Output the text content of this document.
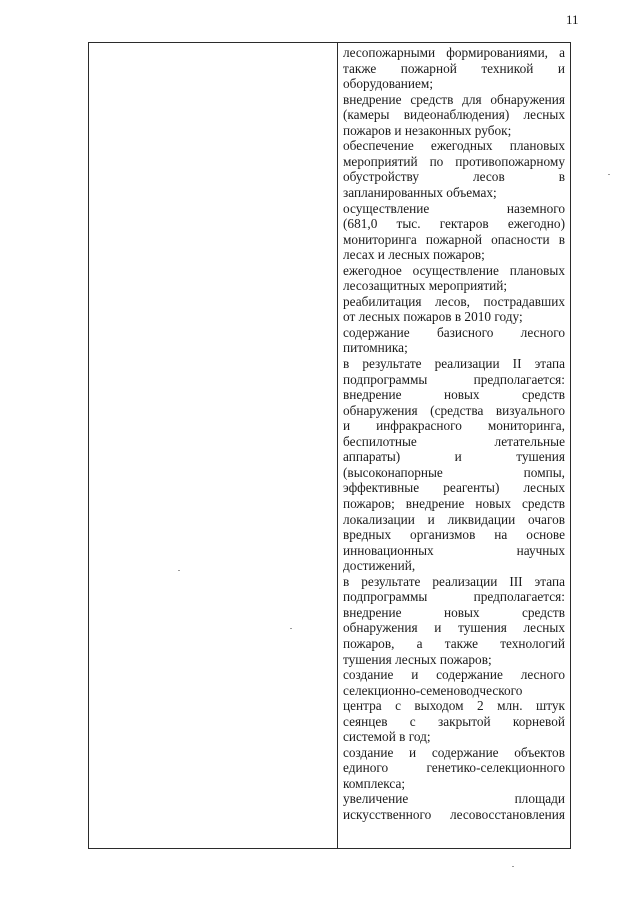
11
лесопожарными формированиями, а
также пожарной техникой и
оборудованием;
внедрение средств для обнаружения
(камеры видеонаблюдения) лесных
пожаров и незаконных рубок;
обеспечение ежегодных плановых
мероприятий по противопожарному
обустройству лесов в
запланированных объемах;
осуществление наземного
(681,0 тыс. гектаров ежегодно)
мониторинга пожарной опасности в
лесах и лесных пожаров;
ежегодное осуществление плановых
лесозащитных мероприятий;
реабилитация лесов, пострадавших
от лесных пожаров в 2010 году;
содержание базисного лесного
питомника;
в результате реализации II этапа
подпрограммы предполагается:
внедрение новых средств
обнаружения (средства визуального
и инфракрасного мониторинга,
беспилотные летательные
аппараты) и тушения
(высоконапорные помпы,
эффективные реагенты) лесных
пожаров; внедрение новых средств
локализации и ликвидации очагов
вредных организмов на основе
инновационных научных
достижений,
в результате реализации III этапа
подпрограммы предполагается:
внедрение новых средств
обнаружения и тушения лесных
пожаров, а также технологий
тушения лесных пожаров;
создание и содержание лесного
селекционно-семеноводческого
центра с выходом 2 млн. штук
сеянцев с закрытой корневой
системой в год;
создание и содержание объектов
единого генетико-селекционного
комплекса;
увеличение площади
искусственного лесовосстановления
